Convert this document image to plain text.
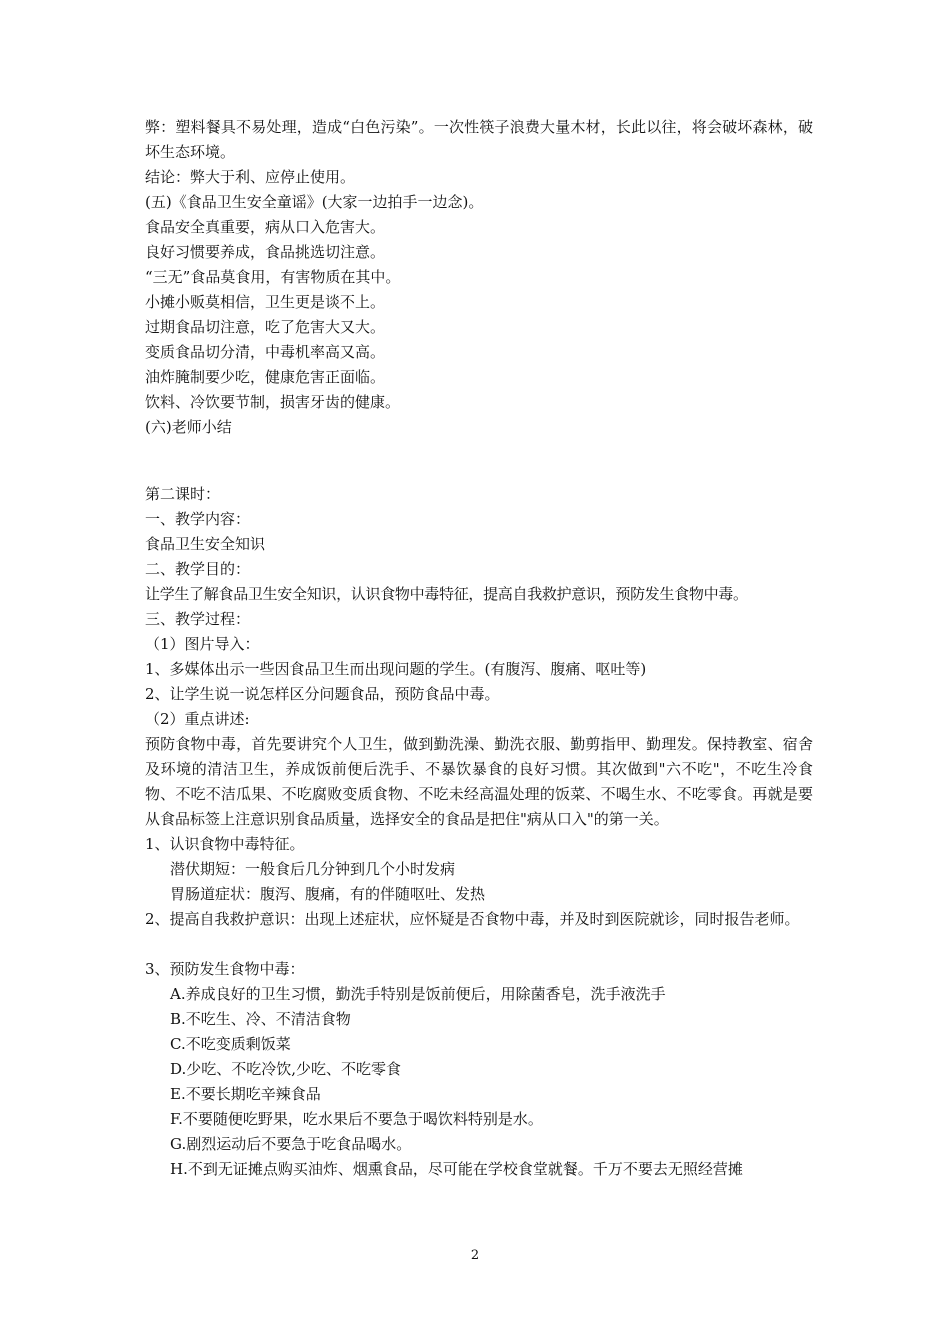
弊：塑料餐具不易处理，造成“白色污染”。一次性筷子浪费大量木材，长此以往，将会破坏森林，破坏生态环境。
结论：弊大于利、应停止使用。
(五)《食品卫生安全童谣》(大家一边拍手一边念)。
食品安全真重要，病从口入危害大。
良好习惯要养成，食品挑选切注意。
“三无”食品莫食用，有害物质在其中。
小摊小贩莫相信，卫生更是谈不上。
过期食品切注意，吃了危害大又大。
变质食品切分清，中毒机率高又高。
油炸腌制要少吃，健康危害正面临。
饮料、冷饮要节制，损害牙齿的健康。
(六)老师小结
第二课时：
一、教学内容：
食品卫生安全知识
二、教学目的：
让学生了解食品卫生安全知识，认识食物中毒特征，提高自我救护意识，预防发生食物中毒。
三、教学过程：
（1）图片导入：
1、多媒体出示一些因食品卫生而出现问题的学生。(有腹泻、腹痛、呕吐等)
2、让学生说一说怎样区分问题食品，预防食品中毒。
（2）重点讲述:
预防食物中毒，首先要讲究个人卫生，做到勤洗澡、勤洗衣服、勤剪指甲、勤理发。保持教室、宿舍及环境的清洁卫生，养成饭前便后洗手、不暴饮暴食的良好习惯。其次做到"六不吃"，不吃生冷食物、不吃不洁瓜果、不吃腐败变质食物、不吃未经高温处理的饭菜、不喝生水、不吃零食。再就是要从食品标签上注意识别食品质量，选择安全的食品是把住"病从口入"的第一关。
1、认识食物中毒特征。
潜伏期短：一般食后几分钟到几个小时发病
胃肠道症状：腹泻、腹痛，有的伴随呕吐、发热
2、提高自我救护意识：出现上述症状，应怀疑是否食物中毒，并及时到医院就诊，同时报告老师。
3、预防发生食物中毒：
A.养成良好的卫生习惯，勤洗手特别是饭前便后，用除菌香皂，洗手液洗手
B.不吃生、冷、不清洁食物
C.不吃变质剩饭菜
D.少吃、不吃冷饮,少吃、不吃零食
E.不要长期吃辛辣食品
F.不要随便吃野果，吃水果后不要急于喝饮料特别是水。
G.剧烈运动后不要急于吃食品喝水。
H.不到无证摊点购买油炸、烟熏食品，尽可能在学校食堂就餐。千万不要去无照经营摊
2
